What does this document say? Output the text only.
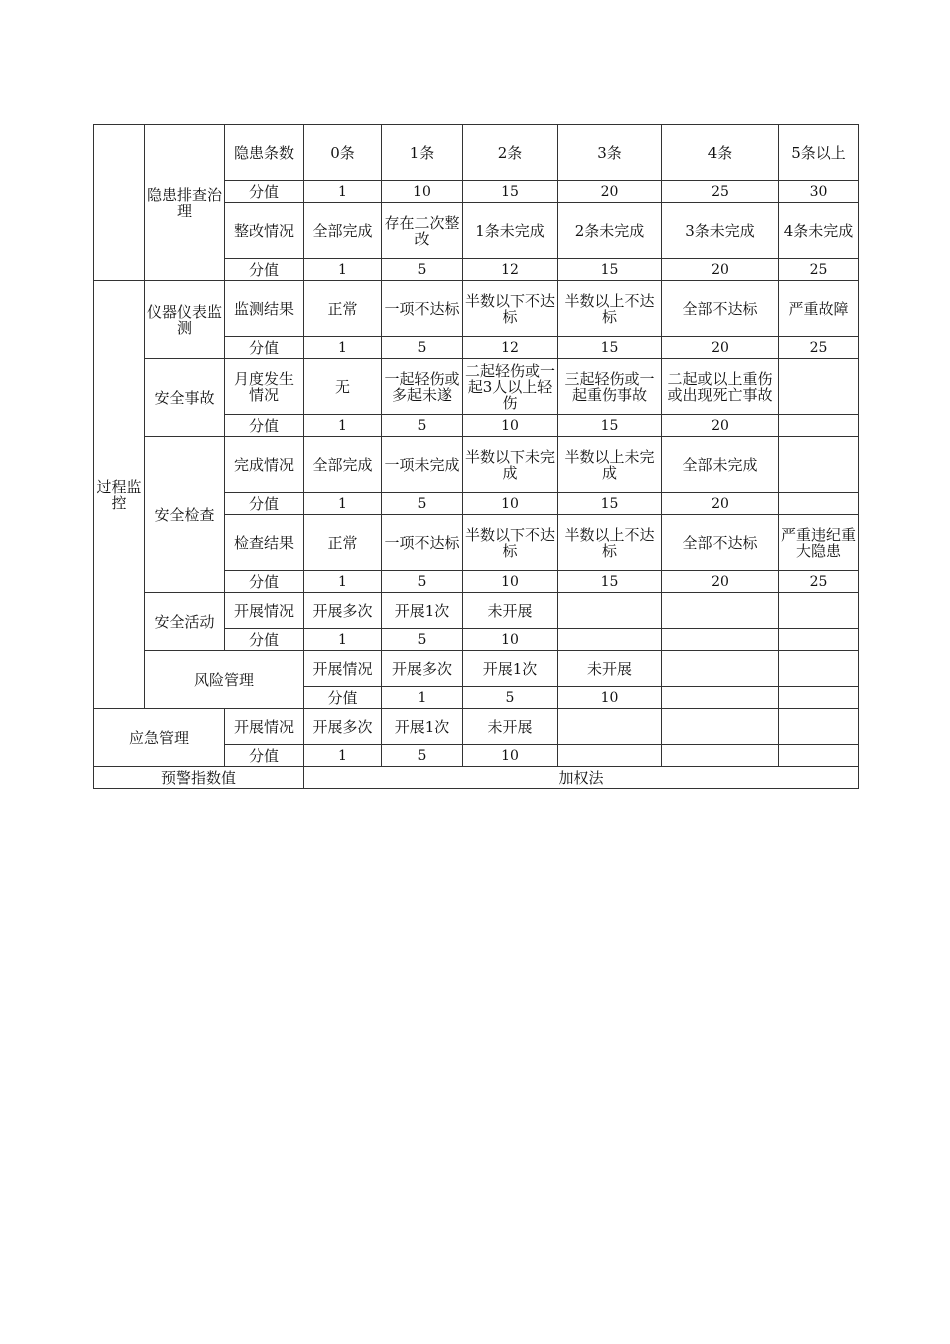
	隐患排查治理	隐患条数	0条	1条	2条	3条	4条	5条以上	
		分值	1	10	15	20	25	30	
		整改情况	全部完成	存在二次整改	1条未完成	2条未完成	3条未完成	4条未完成	
		分值	1	5	12	15	20	25	
过程监控	仪器仪表监测	监测结果	正常	一项不达标	半数以下不达标	半数以上不达标	全部不达标	严重故障	
		分值	1	5	12	15	20	25	
	安全事故	月度发生情况	无	一起轻伤或多起未遂	二起轻伤或一起3人以上轻伤	三起轻伤或一起重伤事故	二起或以上重伤或出现死亡事故		
		分值	1	5	10	15	20		
	安全检查	完成情况	全部完成	一项未完成	半数以下未完成	半数以上未完成	全部未完成		
		分值	1	5	10	15	20		
		检查结果	正常	一项不达标	半数以下不达标	半数以上不达标	全部不达标	严重违纪重大隐患	
		分值	1	5	10	15	20	25	
	安全活动	开展情况	开展多次	开展1次	未开展				
		分值	1	5	10				
	风险管理		开展情况	开展多次	开展1次	未开展			
			分值	1	5	10			
应急管理		开展情况	开展多次	开展1次	未开展				
		分值	1	5	10				
预警指数值			加权法						
